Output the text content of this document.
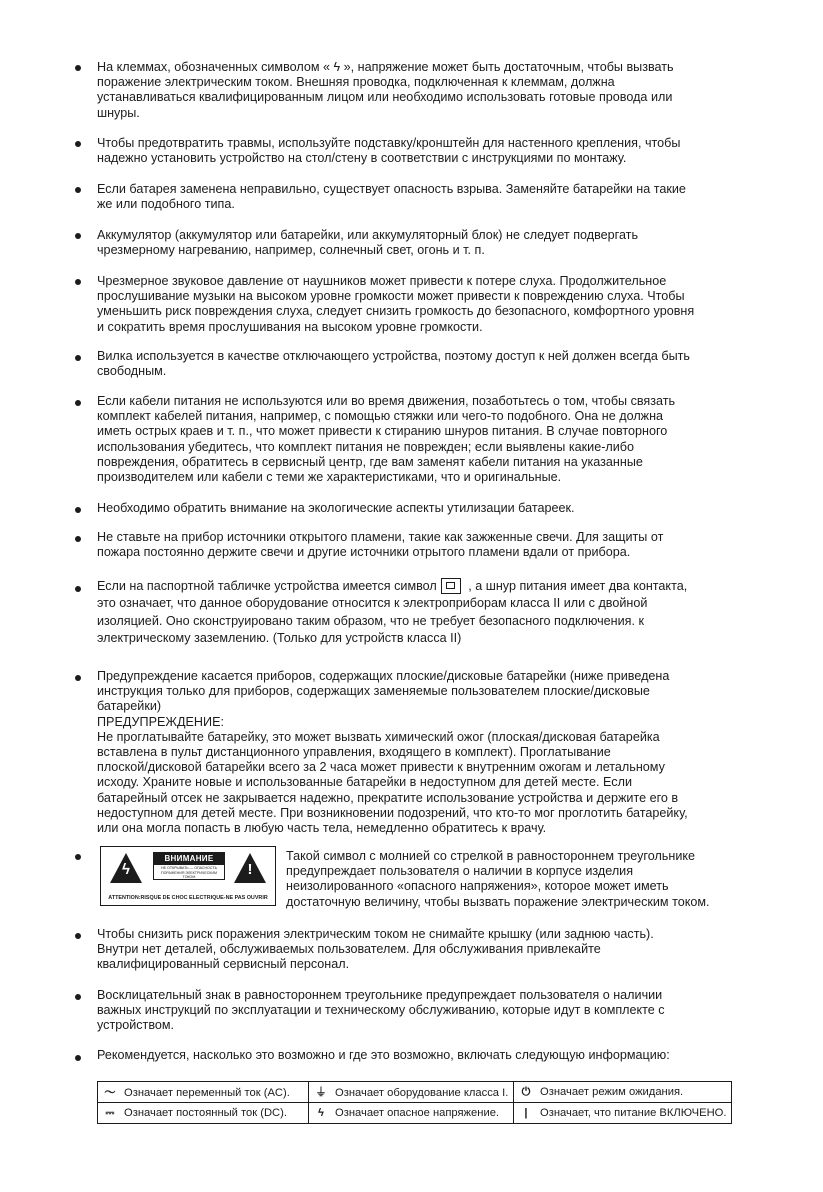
На клеммах, обозначенных символом « ϟ », напряжение может быть достаточным, чтобы вызвать
поражение электрическим током. Внешняя проводка, подключенная к клеммам, должна
устанавливаться квалифицированным лицом или необходимо использовать готовые провода или
шнуры.
Чтобы предотвратить травмы, используйте подставку/кронштейн для настенного крепления, чтобы
надежно установить устройство на стол/стену в соответствии с инструкциями по монтажу.
Если батарея заменена неправильно, существует опасность взрыва. Заменяйте батарейки на такие
же или подобного типа.
Аккумулятор (аккумулятор или батарейки, или аккумуляторный блок) не следует подвергать
чрезмерному нагреванию, например, солнечный свет, огонь и т. п.
Чрезмерное звуковое давление от наушников может привести к потере слуха. Продолжительное
прослушивание музыки на высоком уровне громкости может привести к повреждению слуха. Чтобы
уменьшить риск повреждения слуха, следует снизить громкость до безопасного, комфортного уровня
и сократить время прослушивания на высоком уровне громкости.
Вилка используется в качестве отключающего устройства, поэтому доступ к ней должен всегда быть
свободным.
Если кабели питания не используются или во время движения, позаботьтесь о том, чтобы связать
комплект кабелей питания, например, с помощью стяжки или чего-то подобного. Она не должна
иметь острых краев и т. п., что может привести к стиранию шнуров питания. В случае повторного
использования убедитесь, что комплект питания не поврежден; если выявлены какие-либо
повреждения, обратитесь в сервисный центр, где вам заменят кабели питания на указанные
производителем или кабели с теми же характеристиками, что и оригинальные.
Необходимо обратить внимание на экологические аспекты утилизации батареек.
Не ставьте на прибор источники открытого пламени, такие как зажженные свечи. Для защиты от
пожара постоянно держите свечи и другие источники отрытого пламени вдали от прибора.
Если на паспортной табличке устройства имеется символ , а шнур питания имеет два контакта,
это означает, что данное оборудование относится к электроприборам класса II или с двойной
изоляцией. Оно сконструировано таким образом, что не требует безопасного подключения. к
электрическому заземлению. (Только для устройств класса II)
Предупреждение касается приборов, содержащих плоские/дисковые батарейки (ниже приведена
инструкция только для приборов, содержащих заменяемые пользователем плоские/дисковые
батарейки)
ПРЕДУПРЕЖДЕНИЕ:
Не проглатывайте батарейку, это может вызвать химический ожог (плоская/дисковая батарейка
вставлена в пульт дистанционного управления, входящего в комплект). Проглатывание
плоской/дисковой батарейки всего за 2 часа может привести к внутренним ожогам и летальному
исходу. Храните новые и использованные батарейки в недоступном для детей месте. Если
батарейный отсек не закрывается надежно, прекратите использование устройства и держите его в
недоступном для детей месте. При возникновении подозрений, что кто-то мог проглотить батарейку,
или она могла попасть в любую часть тела, немедленно обратитесь к врачу.
ϟ
ВНИМАНИЕ
НЕ ОТКРЫВАТЬ — ОПАСНОСТЬ ПОРАЖЕНИЯ ЭЛЕКТРИЧЕСКИМ ТОКОМ	!
ATTENTION:RISQUE DE CHOC ELECTRIQUE-NE PAS OUVRIR
Такой символ с молнией со стрелкой в равностороннем треугольнике
предупреждает пользователя о наличии в корпусе изделия
неизолированного «опасного напряжения», которое может иметь
достаточную величину, чтобы вызвать поражение электрическим током.
Чтобы снизить риск поражения электрическим током не снимайте крышку (или заднюю часть).
Внутри нет деталей, обслуживаемых пользователем. Для обслуживания привлекайте
квалифицированный сервисный персонал.
Восклицательный знак в равностороннем треугольнике предупреждает пользователя о наличии
важных инструкций по эксплуатации и техническому обслуживанию, которые идут в комплекте с
устройством.
Рекомендуется, насколько это возможно и где это возможно, включать следующую информацию:
〜 Означает переменный ток (AC).	⏚ Означает оборудование класса I.	⏻ Означает режим ожидания.
⎓ Означает постоянный ток (DC).	ϟ Означает опасное напряжение.	| Означает, что питание ВКЛЮЧЕНО.
